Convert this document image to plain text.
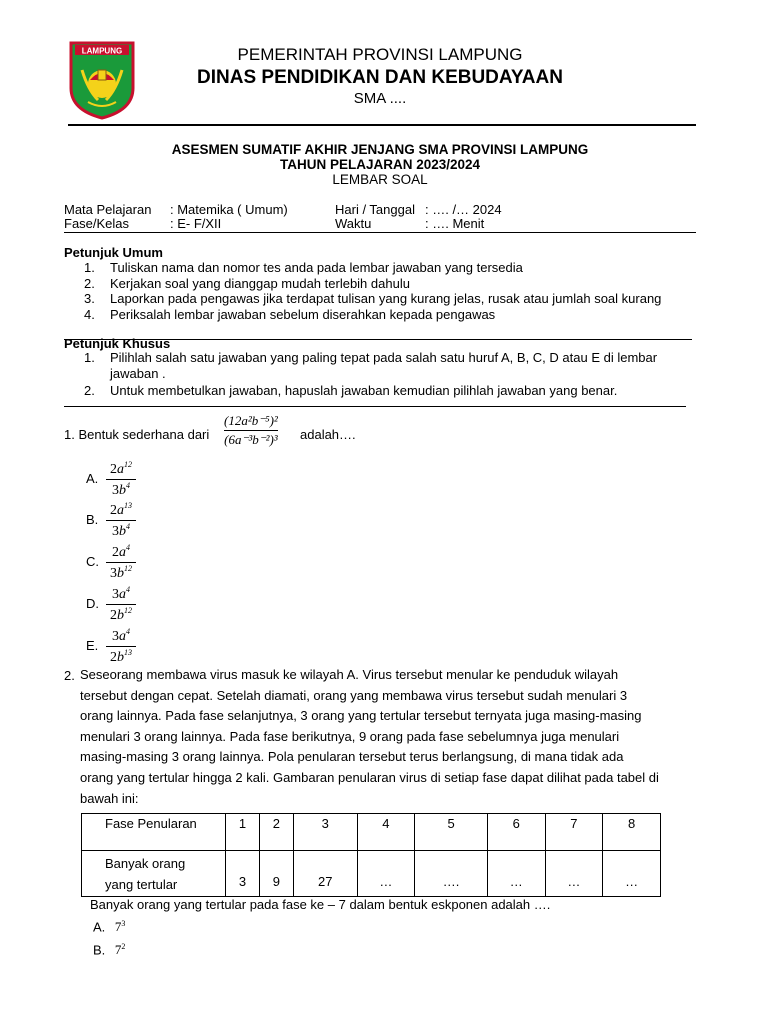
LAMPUNG	PEMERINTAH PROVINSI LAMPUNG
DINAS PENDIDIKAN DAN KEBUDAYAAN
SMA ....
ASESMEN SUMATIF AKHIR JENJANG SMA PROVINSI LAMPUNG
TAHUN PELAJARAN 2023/2024
LEMBAR SOAL
Mata Pelajaran : Matemika ( Umum)
Fase/Kelas	: E- F/XII
Hari / Tanggal : …. /… 2024
Waktu	: …. Menit
Petunjuk Umum
1. Tuliskan nama dan nomor tes anda pada lembar jawaban yang tersedia
2. Kerjakan soal yang dianggap mudah terlebih dahulu
3. Laporkan pada pengawas jika terdapat tulisan yang kurang jelas, rusak atau jumlah soal kurang
4. Periksalah lembar jawaban sebelum diserahkan kepada pengawas
Petunjuk Khusus
1. Pilihlah salah satu jawaban yang paling tepat pada salah satu huruf A, B, C, D atau E di lembar jawaban .
2. Untuk membetulkan jawaban, hapuslah jawaban kemudian pilihlah jawaban yang benar.
1. Bentuk sederhana dari
(12a²b⁻⁵)²
(6a⁻³b⁻²)³ adalah….
A.
$2a^{12}$
$3b^4$
B.
$2a^{13}$
$3b^4$
C.
$2a^4$
$3b^{12}$
D.
$3a^4$
$2b^{12}$
E.
$3a^4$
$2b^{13}$
2. Seseorang membawa virus masuk ke wilayah A. Virus tersebut menular ke penduduk wilayah
tersebut dengan cepat. Setelah diamati, orang yang membawa virus tersebut sudah menulari 3
orang lainnya. Pada fase selanjutnya, 3 orang yang tertular tersebut ternyata juga masing-masing
menulari 3 orang lainnya. Pada fase berikutnya, 9 orang pada fase sebelumnya juga menulari
masing-masing 3 orang lainnya. Pola penularan tersebut terus berlangsung, di mana tidak ada
orang yang tertular hingga 2 kali. Gambaran penularan virus di setiap fase dapat dilihat pada tabel di
bawah ini:
Fase Penularan	1	2	3	4	5	6	7	8

Banyak orang
yang tertular	3	9	27	…	….	…	…	…
Banyak orang yang tertular pada fase ke – 7 dalam bentuk eskponen adalah ….
A. $7^3$
B. $7^2$
